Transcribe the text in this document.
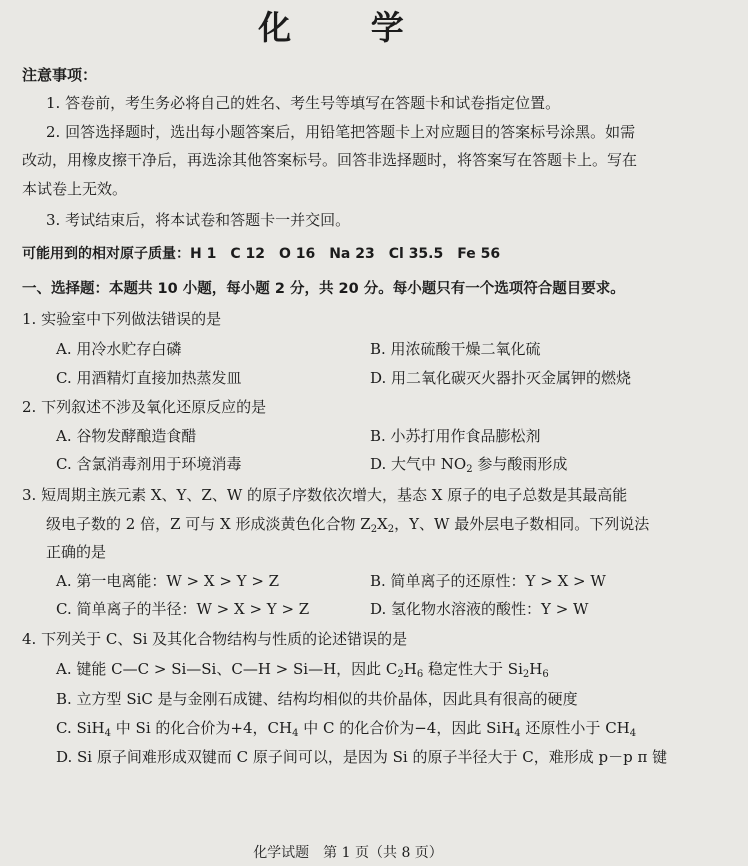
化 学
注意事项：
1. 答卷前，考生务必将自己的姓名、考生号等填写在答题卡和试卷指定位置。
2. 回答选择题时，选出每小题答案后，用铅笔把答题卡上对应题目的答案标号涂黑。如需
改动，用橡皮擦干净后，再选涂其他答案标号。回答非选择题时，将答案写在答题卡上。写在
本试卷上无效。
3. 考试结束后，将本试卷和答题卡一并交回。
可能用到的相对原子质量：H 1　C 12　O 16　Na 23　Cl 35.5　Fe 56
一、选择题：本题共 10 小题，每小题 2 分，共 20 分。每小题只有一个选项符合题目要求。
1. 实验室中下列做法错误的是
A. 用冷水贮存白磷	B. 用浓硫酸干燥二氧化硫
C. 用酒精灯直接加热蒸发皿	D. 用二氧化碳灭火器扑灭金属钾的燃烧
2. 下列叙述不涉及氧化还原反应的是
A. 谷物发酵酿造食醋	B. 小苏打用作食品膨松剂
C. 含氯消毒剂用于环境消毒	D. 大气中 $NO_2$ 参与酸雨形成
3. 短周期主族元素 X、Y、Z、W 的原子序数依次增大，基态 X 原子的电子总数是其最高能
级电子数的 2 倍，Z 可与 X 形成淡黄色化合物 $Z_2X_2$，Y、W 最外层电子数相同。下列说法
正确的是
A. 第一电离能：W > X > Y > Z	B. 简单离子的还原性：Y > X > W
C. 简单离子的半径：W > X > Y > Z	D. 氢化物水溶液的酸性：Y > W
4. 下列关于 C、Si 及其化合物结构与性质的论述错误的是
A. 键能 C—C > Si—Si、C—H > Si—H，因此 $C_2H_6$ 稳定性大于 $Si_2H_6$
B. 立方型 SiC 是与金刚石成键、结构均相似的共价晶体，因此具有很高的硬度
C. SiH$_4$ 中 Si 的化合价为+4，$CH_4$ 中 C 的化合价为−4，因此 SiH$_4$ 还原性小于 $CH_4$
D. Si 原子间难形成双键而 C 原子间可以，是因为 Si 的原子半径大于 C，难形成 p－p π 键
化学试题　第 1 页（共 8 页）
